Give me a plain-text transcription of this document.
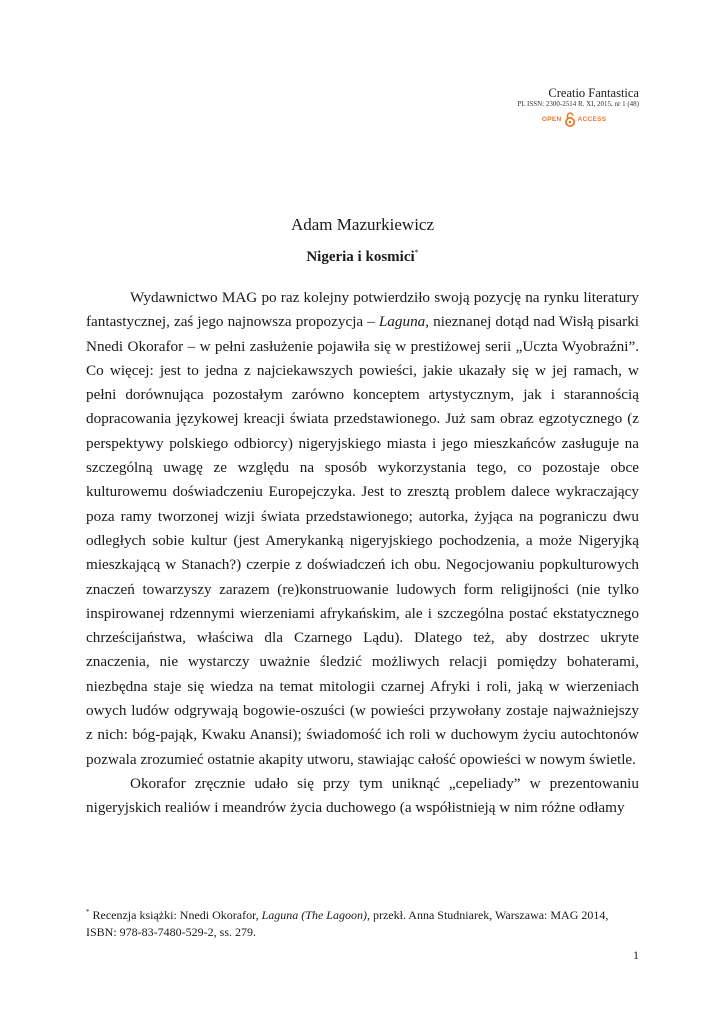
Creatio Fantastica
PL ISSN: 2300-2514 R. XI, 2015, nr 1 (48)
OPEN ACCESS
Adam Mazurkiewicz
Nigeria i kosmici*

Wydawnictwo MAG po raz kolejny potwierdziło swoją pozycję na rynku literatury fantastycznej, zaś jego najnowsza propozycja – Laguna, nieznanej dotąd nad Wisłą pisarki Nnedi Okorafor – w pełni zasłużenie pojawiła się w prestiżowej serii „Uczta Wyobraźni”. Co więcej: jest to jedna z najciekawszych powieści, jakie ukazały się w jej ramach, w pełni dorównująca pozostałym zarówno konceptem artystycznym, jak i starannością dopracowania językowej kreacji świata przedstawionego. Już sam obraz egzotycznego (z perspektywy polskiego odbiorcy) nigeryjskiego miasta i jego mieszkańców zasługuje na szczególną uwagę ze względu na sposób wykorzystania tego, co pozostaje obce kulturowemu doświadczeniu Europejczyka. Jest to zresztą problem dalece wykraczający poza ramy tworzonej wizji świata przedstawionego; autorka, żyjąca na pograniczu dwu odległych sobie kultur (jest Amerykanką nigeryjskiego pochodzenia, a może Nigeryjką mieszkającą w Stanach?) czerpie z doświadczeń ich obu. Negocjowaniu popkulturowych znaczeń towarzyszy zarazem (re)konstruowanie ludowych form religijności (nie tylko inspirowanej rdzennymi wierzeniami afrykańskim, ale i szczególna postać ekstatycznego chrześcijaństwa, właściwa dla Czarnego Lądu). Dlatego też, aby dostrzec ukryte znaczenia, nie wystarczy uważnie śledzić możliwych relacji pomiędzy bohaterami, niezbędna staje się wiedza na temat mitologii czarnej Afryki i roli, jaką w wierzeniach owych ludów odgrywają bogowie-oszuści (w powieści przywołany zostaje najważniejszy z nich: bóg-pająk, Kwaku Anansi); świadomość ich roli w duchowym życiu autochtonów pozwala zrozumieć ostatnie akapity utworu, stawiając całość opowieści w nowym świetle.

Okorafor zręcznie udało się przy tym uniknąć „cepeliady” w prezentowaniu nigeryjskich realiów i meandrów życia duchowego (a współistnieją w nim różne odłamy

* Recenzja książki: Nnedi Okorafor, Laguna (The Lagoon), przekł. Anna Studniarek, Warszawa: MAG 2014, ISBN: 978-83-7480-529-2, ss. 279.
1
